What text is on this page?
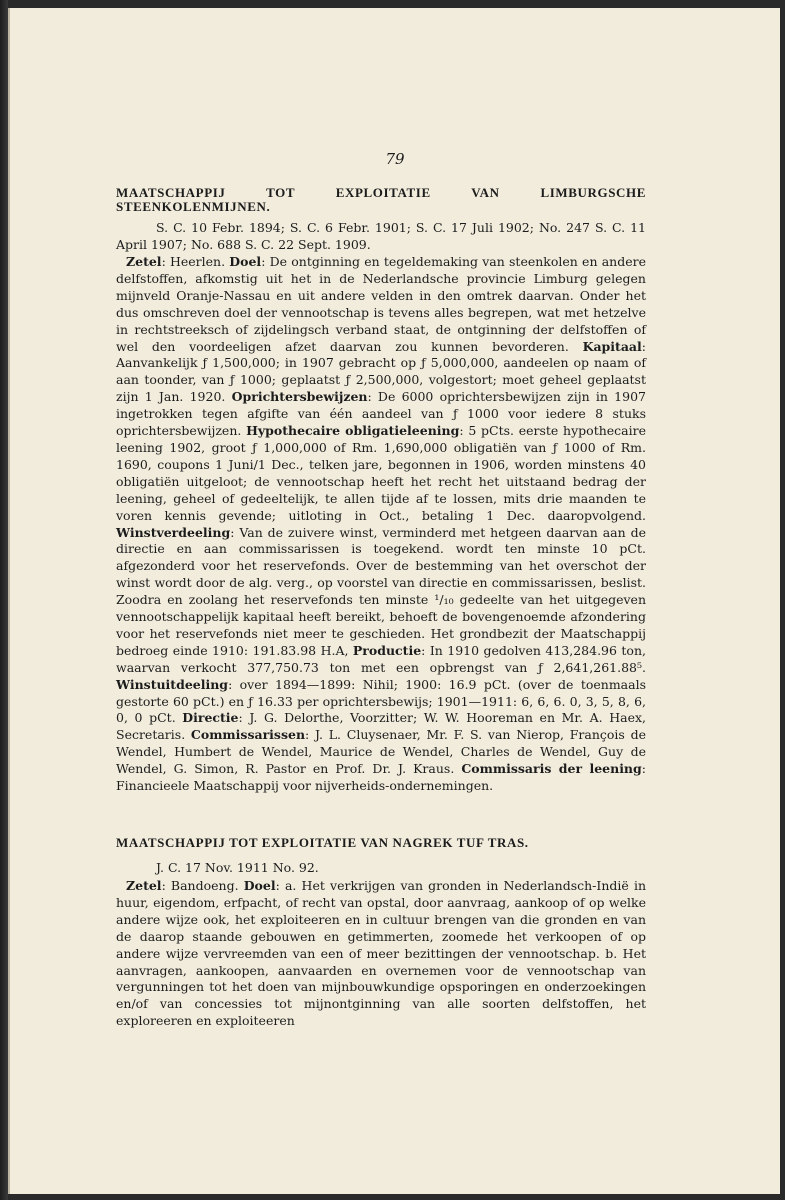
79
MAATSCHAPPIJ TOT EXPLOITATIE VAN LIMBURGSCHE STEENKOLENMIJNEN.
S. C. 10 Febr. 1894; S. C. 6 Febr. 1901; S. C. 17 Juli 1902; No. 247 S. C. 11 April 1907; No. 688 S. C. 22 Sept. 1909.
Zetel: Heerlen. Doel: De ontginning en tegeldemaking van steenkolen en andere delfstoffen, afkomstig uit het in de Nederlandsche provincie Limburg gelegen mijnveld Oranje-Nassau en uit andere velden in den omtrek daarvan. Onder het dus omschreven doel der vennootschap is tevens alles begrepen, wat met hetzelve in rechtstreeksch of zijdelingsch verband staat, de ontginning der delfstoffen of wel den voordeeligen afzet daarvan zou kunnen bevorderen. Kapitaal: Aanvankelijk ƒ 1,500,000; in 1907 gebracht op ƒ 5,000,000, aandeelen op naam of aan toonder, van ƒ 1000; geplaatst ƒ 2,500,000, volgestort; moet geheel geplaatst zijn 1 Jan. 1920. Oprichtersbewijzen: De 6000 oprichtersbewijzen zijn in 1907 ingetrokken tegen afgifte van één aandeel van ƒ 1000 voor iedere 8 stuks oprichtersbewijzen. Hypothecaire obligatieleening: 5 pCts. eerste hypothecaire leening 1902, groot ƒ 1,000,000 of Rm. 1,690,000 obligatiën van ƒ 1000 of Rm. 1690, coupons 1 Juni/1 Dec., telken jare, begonnen in 1906, worden minstens 40 obligatiën uitgeloot; de vennootschap heeft het recht het uitstaand bedrag der leening, geheel of gedeeltelijk, te allen tijde af te lossen, mits drie maanden te voren kennis gevende; uitloting in Oct., betaling 1 Dec. daaropvolgend. Winstverdeeling: Van de zuivere winst, verminderd met hetgeen daarvan aan de directie en aan commissarissen is toegekend. wordt ten minste 10 pCt. afgezonderd voor het reservefonds. Over de bestemming van het overschot der winst wordt door de alg. verg., op voorstel van directie en commissarissen, beslist. Zoodra en zoolang het reservefonds ten minste ¹/₁₀ gedeelte van het uitgegeven vennootschappelijk kapitaal heeft bereikt, behoeft de bovengenoemde afzondering voor het reservefonds niet meer te geschieden. Het grondbezit der Maatschappij bedroeg einde 1910: 191.83.98 H.A, Productie: In 1910 gedolven 413,284.96 ton, waarvan verkocht 377,750.73 ton met een opbrengst van ƒ 2,641,261.88⁵. Winstuitdeeling: over 1894—1899: Nihil; 1900: 16.9 pCt. (over de toenmaals gestorte 60 pCt.) en ƒ 16.33 per oprichtersbewijs; 1901—1911: 6, 6, 6. 0, 3, 5, 8, 6, 0, 0 pCt. Directie: J. G. Delorthe, Voorzitter; W. W. Hooreman en Mr. A. Haex, Secretaris. Commissarissen: J. L. Cluysenaer, Mr. F. S. van Nierop, François de Wendel, Humbert de Wendel, Maurice de Wendel, Charles de Wendel, Guy de Wendel, G. Simon, R. Pastor en Prof. Dr. J. Kraus. Commissaris der leening: Financieele Maatschappij voor nijverheids-ondernemingen.
MAATSCHAPPIJ TOT EXPLOITATIE VAN NAGREK TUF TRAS.
J. C. 17 Nov. 1911 No. 92.
Zetel: Bandoeng. Doel: a. Het verkrijgen van gronden in Nederlandsch-Indië in huur, eigendom, erfpacht, of recht van opstal, door aanvraag, aankoop of op welke andere wijze ook, het exploiteeren en in cultuur brengen van die gronden en van de daarop staande gebouwen en getimmerten, zoomede het verkoopen of op andere wijze vervreemden van een of meer bezittingen der vennootschap. b. Het aanvragen, aankoopen, aanvaarden en overnemen voor de vennootschap van vergunningen tot het doen van mijnbouwkundige opsporingen en onderzoekingen en/of van concessies tot mijnontginning van alle soorten delfstoffen, het exploreeren en exploiteeren
